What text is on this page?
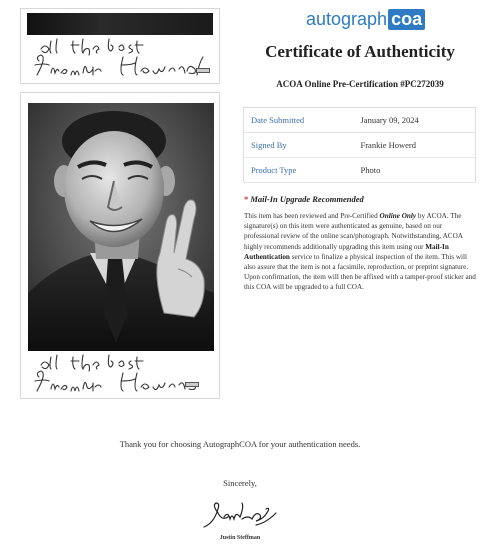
autograph coa
Certificate of Authenticity
ACOA Online Pre-Certification #PC272039
Date Submitted	January 09, 2024
Signed By	Frankie Howerd
Product Type	Photo
* Mail-In Upgrade Recommended
This item has been reviewed and Pre-Certified Online Only by ACOA. The signature(s) on this item were authenticated as genuine, based on our professional review of the online scan/photograph. Notwithstanding, ACOA highly recommends additionally upgrading this item using our Mail-In Authentication service to finalize a physical inspection of the item. This will also assure that the item is not a facsimile, reproduction, or preprint signature. Upon confirmation, the item will then be affixed with a tamper-proof sticker and this COA will be upgraded to a full COA.
Thank you for choosing AutographCOA for your authentication needs.
Sincerely,
Justin Steffman
